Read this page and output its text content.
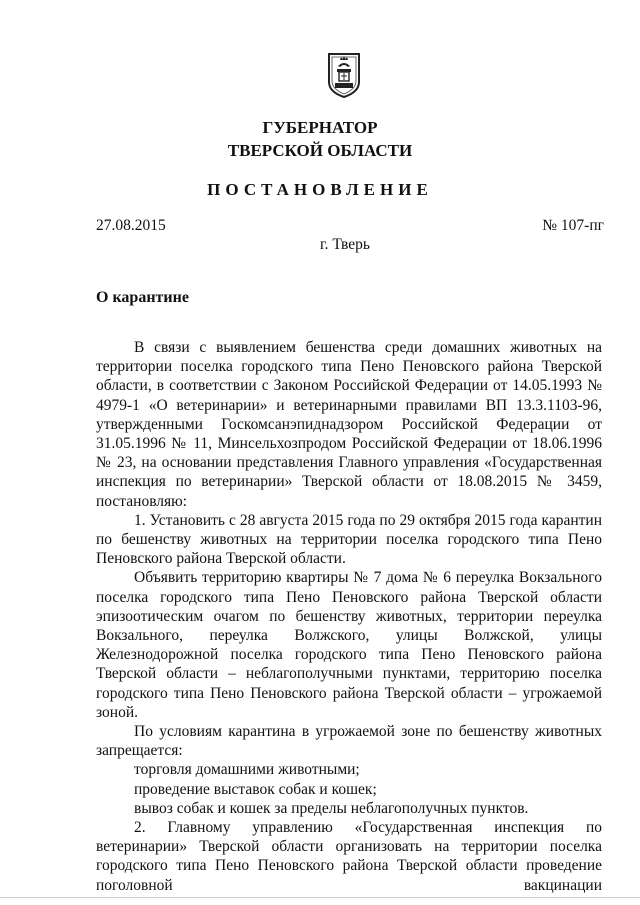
ГУБЕРНАТОР
ТВЕРСКОЙ ОБЛАСТИ
ПОСТАНОВЛЕНИЕ
27.08.2015	№ 107-пг
г. Тверь
О карантине

В связи с выявлением бешенства среди домашних животных на территории поселка городского типа Пено Пеновского района Тверской области, в соответствии с Законом Российской Федерации от 14.05.1993 № 4979-1 «О ветеринарии» и ветеринарными правилами ВП 13.3.1103-96, утвержденными Госкомсанэпиднадзором Российской Федерации от 31.05.1996 № 11, Минсельхозпродом Российской Федерации от 18.06.1996 № 23, на основании представления Главного управления «Государственная инспекция по ветеринарии» Тверской области от 18.08.2015 № 3459, постановляю:

1. Установить с 28 августа 2015 года по 29 октября 2015 года карантин по бешенству животных на территории поселка городского типа Пено Пеновского района Тверской области.

Объявить территорию квартиры № 7 дома № 6 переулка Вокзального поселка городского типа Пено Пеновского района Тверской области эпизоотическим очагом по бешенству животных, территории переулка Вокзального, переулка Волжского, улицы Волжской, улицы Железнодорожной поселка городского типа Пено Пеновского района Тверской области – неблагополучными пунктами, территорию поселка городского типа Пено Пеновского района Тверской области – угрожаемой зоной.

По условиям карантина в угрожаемой зоне по бешенству животных запрещается:

торговля домашними животными;

проведение выставок собак и кошек;

вывоз собак и кошек за пределы неблагополучных пунктов.

2. Главному управлению «Государственная инспекция по ветеринарии» Тверской области организовать на территории поселка городского типа Пено Пеновского района Тверской области проведение поголовной вакцинации
